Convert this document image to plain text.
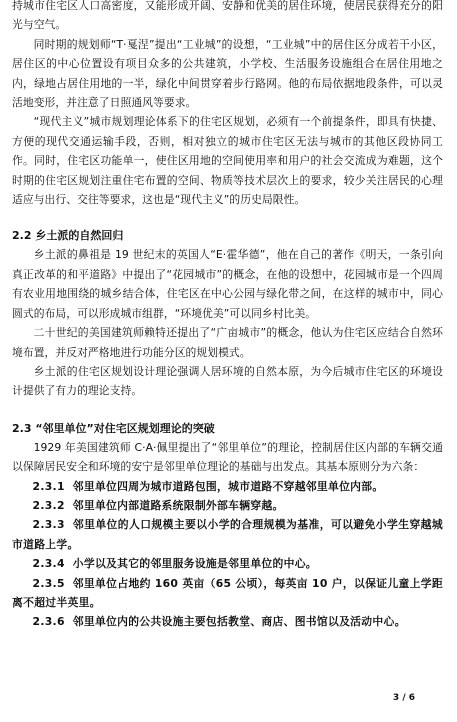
持城市住宅区人口高密度，又能形成开阔、安静和优美的居住环境，使居民获得充分的阳光与空气。

同时期的规划师“T·戛涅”提出“工业城”的设想，“工业城”中的居住区分成若干小区，居住区的中心位置设有项目众多的公共建筑，小学校、生活服务设施组合在居住用地之内，绿地占居住用地的一半，绿化中间贯穿着步行路网。他的布局依据地段条件，可以灵活地变形，并注意了日照通风等要求。

“现代主义”城市规划理论体系下的住宅区规划，必须有一个前提条件，即具有快捷、方便的现代交通运输手段，否则，相对独立的城市住宅区无法与城市的其他区段协同工作。同时，住宅区功能单一，使住区用地的空间使用率和用户的社会交流成为难题，这个时期的住宅区规划注重住宅布置的空间、物质等技术层次上的要求，较少关注居民的心理适应与出行、交往等要求，这也是“现代主义”的历史局限性。

2.2 乡土派的自然回归

乡土派的鼻祖是 19 世纪末的英国人“E·霍华德”，他在自己的著作《明天，一条引向真正改革的和平道路》中提出了“花园城市”的概念，在他的设想中，花园城市是一个四周有农业用地围绕的城乡结合体，住宅区在中心公园与绿化带之间，在这样的城市中，同心圆式的布局，可以形成城市组群，“环境优美”可以同乡村比美。

二十世纪的美国建筑师赖特还提出了“广亩城市”的概念，他认为住宅区应结合自然环境布置，并反对严格地进行功能分区的规划模式。

乡土派的住宅区规划设计理论强调人居环境的自然本原，为今后城市住宅区的环境设计提供了有力的理论支持。

2.3 “邻里单位”对住宅区规划理论的突破

1929 年美国建筑师 C·A·佩里提出了“邻里单位”的理论，控制居住区内部的车辆交通以保障居民安全和环境的安宁是邻里单位理论的基础与出发点。其基本原则分为六条：

2.3.1 邻里单位四周为城市道路包围，城市道路不穿越邻里单位内部。

2.3.2 邻里单位内部道路系统限制外部车辆穿越。

2.3.3 邻里单位的人口规模主要以小学的合理规模为基准，可以避免小学生穿越城市道路上学。

2.3.4 小学以及其它的邻里服务设施是邻里单位的中心。

2.3.5 邻里单位占地约 160 英亩（65 公顷），每英亩 10 户，以保证儿童上学距离不超过半英里。

2.3.6 邻里单位内的公共设施主要包括教堂、商店、图书馆以及活动中心。

3 / 6
